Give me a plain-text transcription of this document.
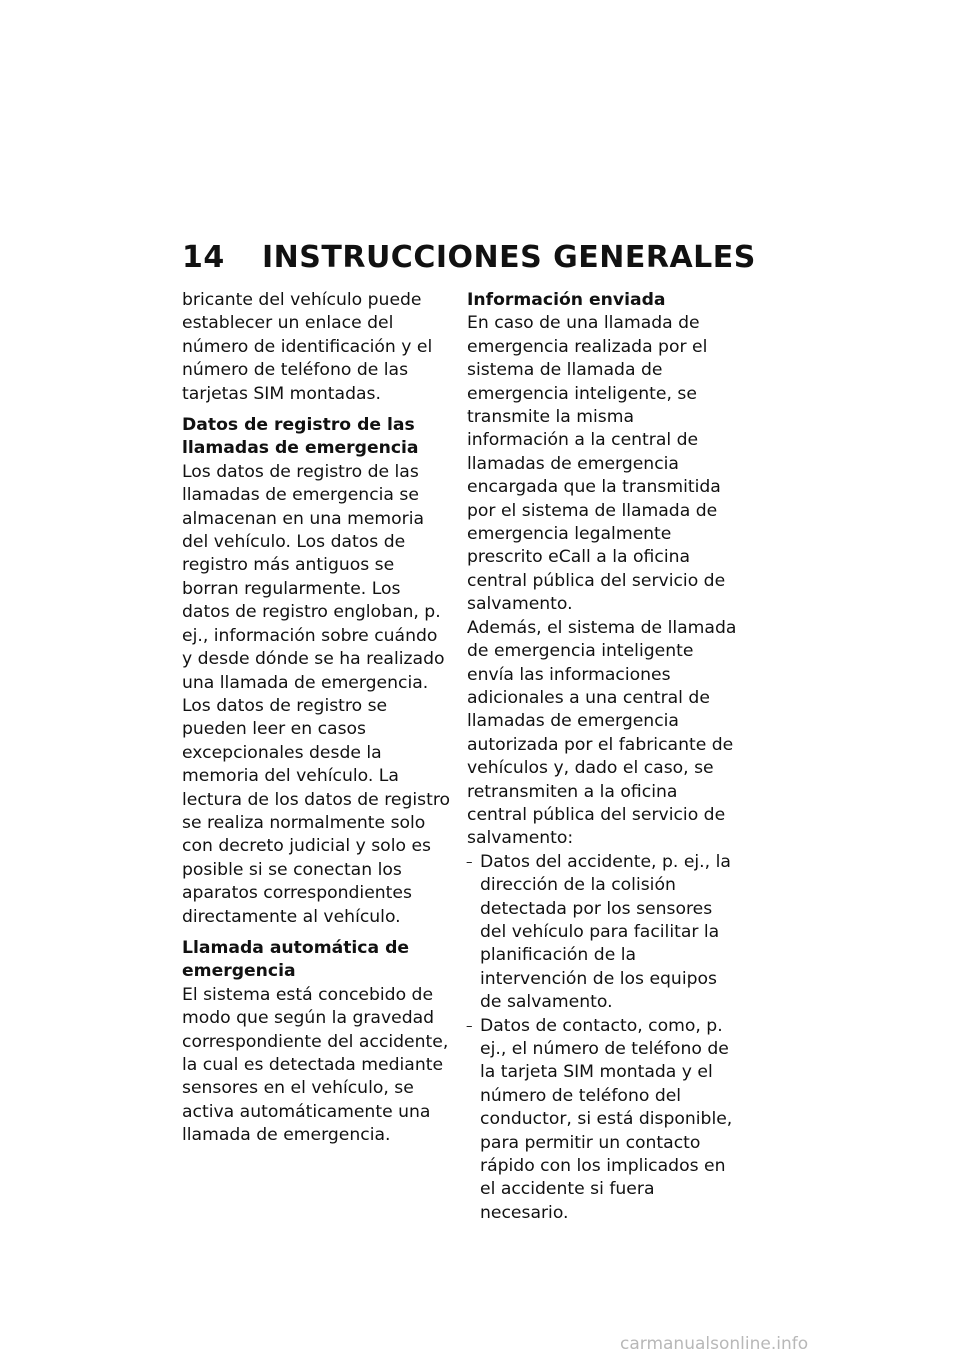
14 INSTRUCCIONES GENERALES

bricante del vehículo puede establecer un enlace del número de identificación y el número de teléfono de las tarjetas SIM montadas.

Datos de registro de las llamadas de emergencia

Los datos de registro de las llamadas de emergencia se almacenan en una memoria del vehículo. Los datos de registro más antiguos se borran regularmente. Los datos de registro engloban, p. ej., información sobre cuándo y desde dónde se ha realizado una llamada de emergencia. Los datos de registro se pueden leer en casos excepcionales desde la memoria del vehículo. La lectura de los datos de registro se realiza normalmente solo con decreto judicial y solo es posible si se conectan los aparatos correspondientes directamente al vehículo.

Llamada automática de emergencia

El sistema está concebido de modo que según la gravedad correspondiente del accidente, la cual es detectada mediante sensores en el vehículo, se activa automáticamente una llamada de emergencia.

Información enviada

En caso de una llamada de emergencia realizada por el sistema de llamada de emergencia inteligente, se transmite la misma información a la central de llamadas de emergencia encargada que la transmitida por el sistema de llamada de emergencia legalmente prescrito eCall a la oficina central pública del servicio de salvamento.

Además, el sistema de llamada de emergencia inteligente envía las informaciones adicionales a una central de llamadas de emergencia autorizada por el fabricante de vehículos y, dado el caso, se retransmiten a la oficina central pública del servicio de salvamento:

– Datos del accidente, p. ej., la dirección de la colisión detectada por los sensores del vehículo para facilitar la planificación de la intervención de los equipos de salvamento.
– Datos de contacto, como, p. ej., el número de teléfono de la tarjeta SIM montada y el número de teléfono del conductor, si está disponible, para permitir un contacto rápido con los implicados en el accidente si fuera necesario.
carmanualsonline.info
